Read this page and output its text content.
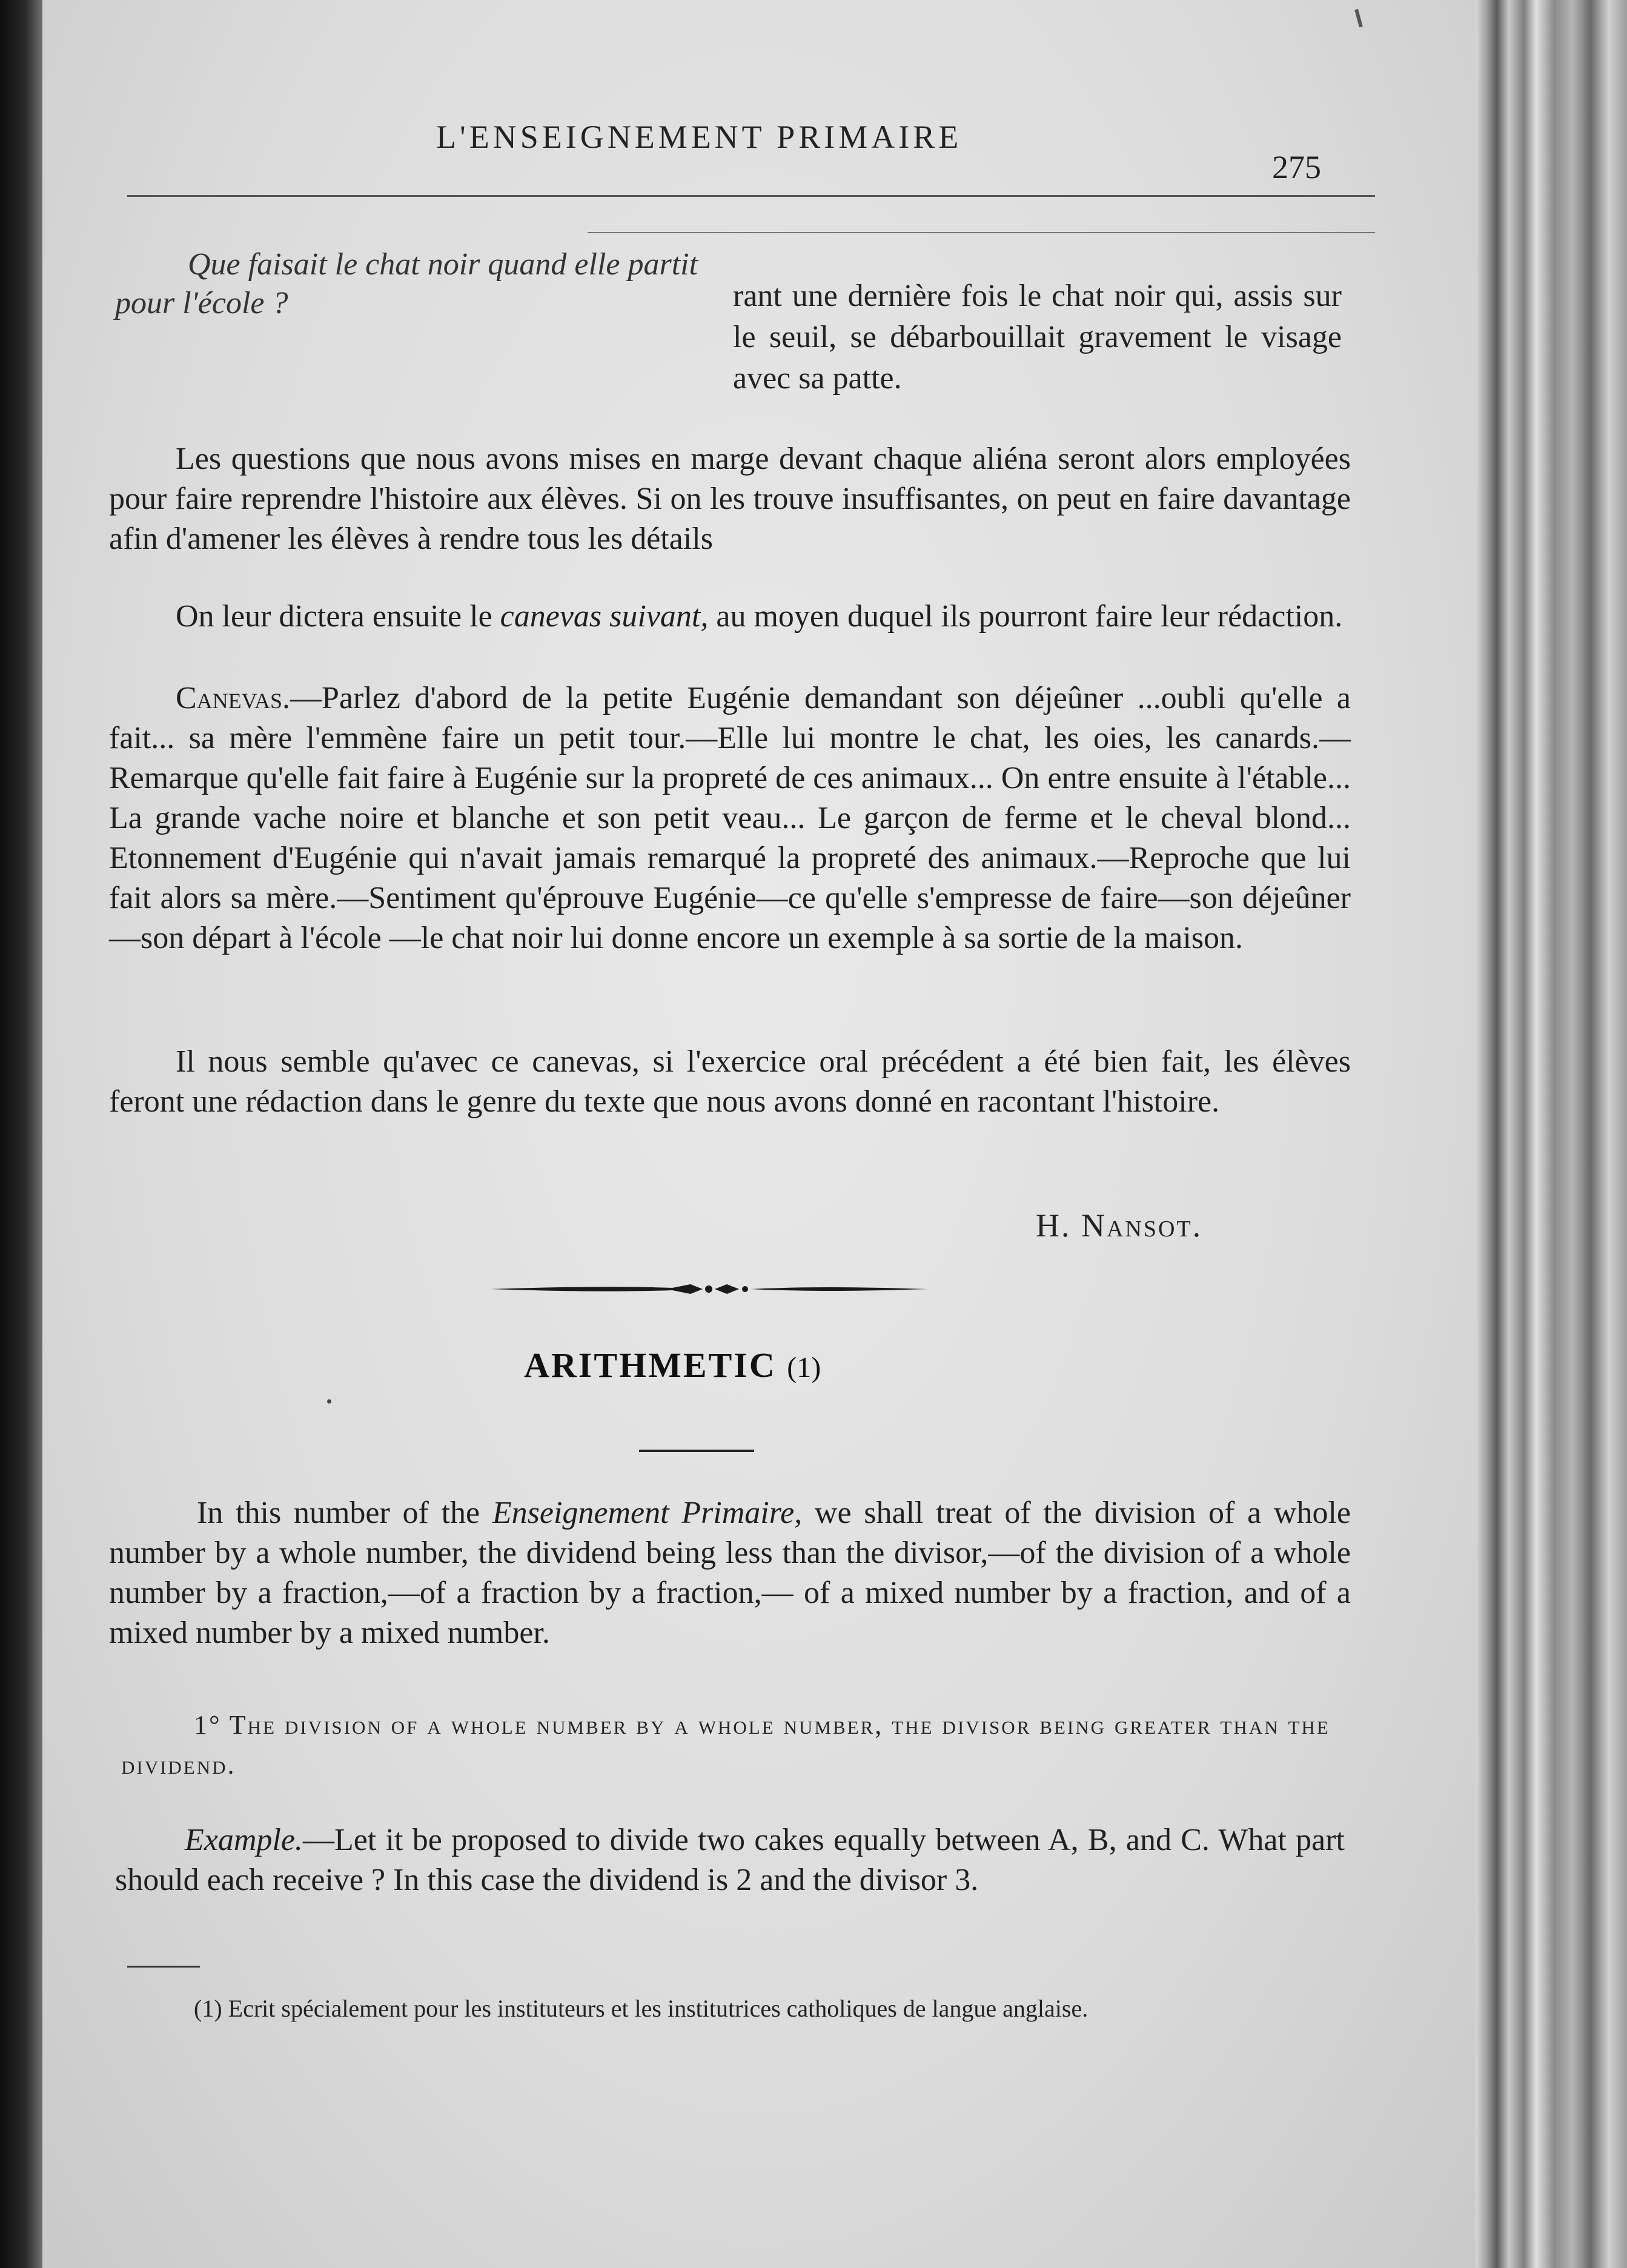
L'ENSEIGNEMENT PRIMAIRE
275
Que faisait le chat noir quand elle partit pour l'école ?	rant une dernière fois le chat noir qui, assis sur le seuil, se débarbouillait gravement le visage avec sa patte.
Les questions que nous avons mises en marge devant chaque aliéna seront alors employées pour faire reprendre l'histoire aux élèves. Si on les trouve insuffisantes, on peut en faire davantage afin d'amener les élèves à rendre tous les détails
On leur dictera ensuite le canevas suivant, au moyen duquel ils pourront faire leur rédaction.
Canevas.—Parlez d'abord de la petite Eugénie demandant son déjeûner ...oubli qu'elle a fait... sa mère l'emmène faire un petit tour.—Elle lui montre le chat, les oies, les canards.—Remarque qu'elle fait faire à Eugénie sur la propreté de ces animaux... On entre ensuite à l'étable... La grande vache noire et blanche et son petit veau... Le garçon de ferme et le cheval blond... Etonnement d'Eugénie qui n'avait jamais remarqué la propreté des animaux.—Reproche que lui fait alors sa mère.—Sentiment qu'éprouve Eugénie—ce qu'elle s'empresse de faire—son déjeûner—son départ à l'école —le chat noir lui donne encore un exemple à sa sortie de la maison.
Il nous semble qu'avec ce canevas, si l'exercice oral précédent a été bien fait, les élèves feront une rédaction dans le genre du texte que nous avons donné en racontant l'histoire.
H. Nansot.
ARITHMETIC (1)
In this number of the Enseignement Primaire, we shall treat of the division of a whole number by a whole number, the dividend being less than the divisor,—of the division of a whole number by a fraction,—of a fraction by a fraction,— of a mixed number by a fraction, and of a mixed number by a mixed number.
1° The division of a whole number by a whole number, the divisor being greater than the dividend.
Example.—Let it be proposed to divide two cakes equally between A, B, and C. What part should each receive ? In this case the dividend is 2 and the divisor 3.
(1) Ecrit spécialement pour les instituteurs et les institutrices catholiques de langue anglaise.
